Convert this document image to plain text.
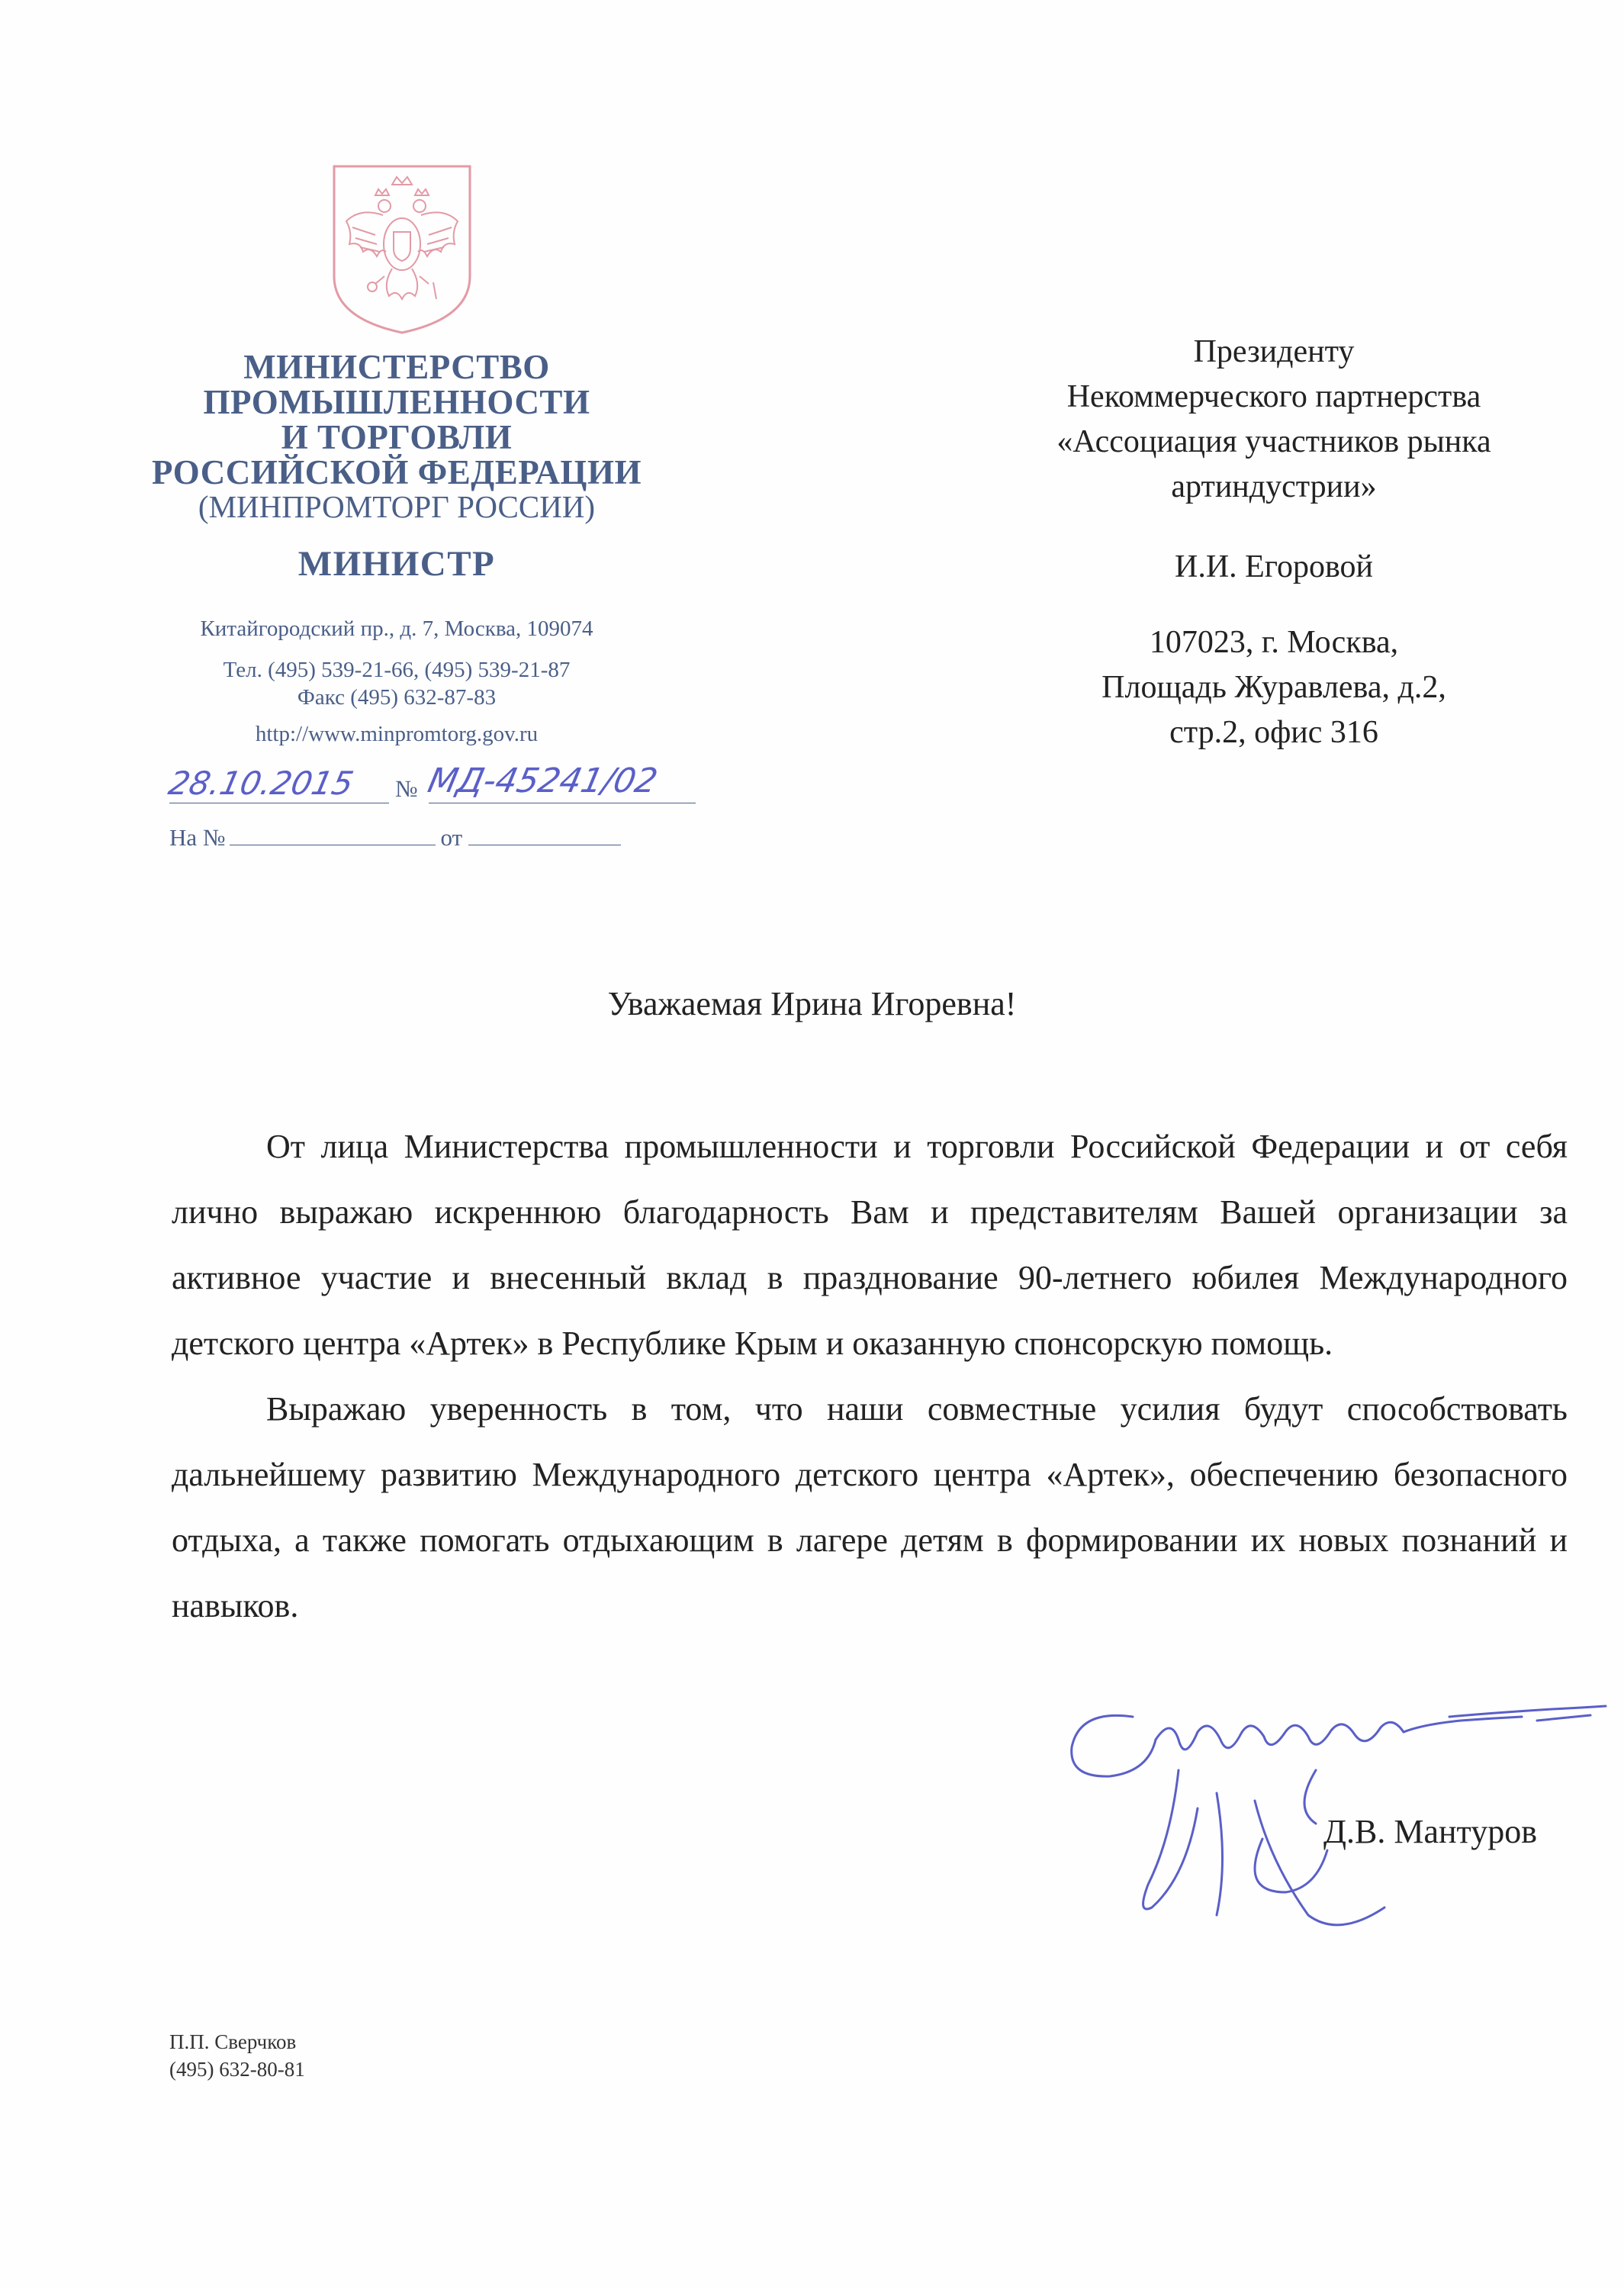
МИНИСТЕРСТВО
ПРОМЫШЛЕННОСТИ
И ТОРГОВЛИ
РОССИЙСКОЙ ФЕДЕРАЦИИ
(МИНПРОМТОРГ РОССИИ)
МИНИСТР
Китайгородский пр., д. 7, Москва, 109074
Тел. (495) 539-21-66, (495) 539-21-87
Факс (495) 632-87-83
http://www.minpromtorg.gov.ru
28.10.2015 № МД-45241/02
На №	от
Президенту
Некоммерческого партнерства
«Ассоциация участников рынка
артиндустрии»
И.И. Егоровой
107023, г. Москва,
Площадь Журавлева, д.2,
стр.2, офис 316
Уважаемая Ирина Игоревна!

От лица Министерства промышленности и торговли Российской Федерации и от себя лично выражаю искреннюю благодарность Вам и представителям Вашей организации за активное участие и внесенный вклад в празднование 90-летнего юбилея Международного детского центра «Артек» в Республике Крым и оказанную спонсорскую помощь.

Выражаю уверенность в том, что наши совместные усилия будут способствовать дальнейшему развитию Международного детского центра «Артек», обеспечению безопасного отдыха, а также помогать отдыхающим в лагере детям в формировании их новых познаний и навыков.

Д.В. Мантуров
П.П. Сверчков
(495) 632-80-81
